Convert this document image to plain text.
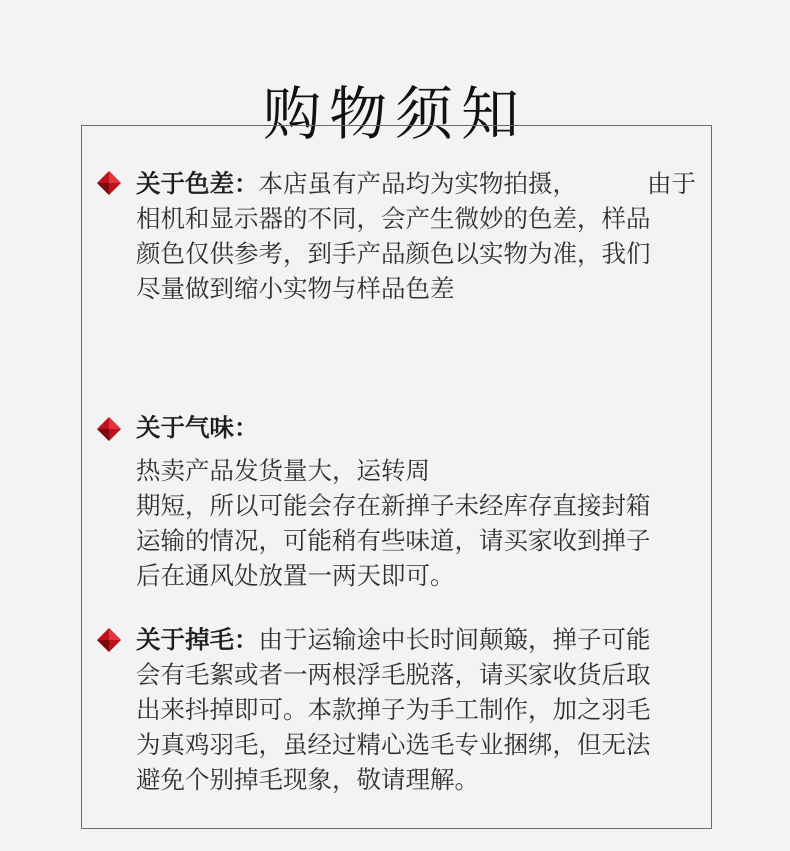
购物须知
关于色差：本店虽有产品均为实物拍摄，	由于
相机和显示器的不同，会产生微妙的色差，样品
颜色仅供参考，到手产品颜色以实物为准，我们
尽量做到缩小实物与样品色差
关于气味：
热卖产品发货量大，运转周
期短，所以可能会存在新掸子未经库存直接封箱
运输的情况，可能稍有些味道，请买家收到掸子
后在通风处放置一两天即可。
关于掉毛：由于运输途中长时间颠簸，掸子可能
会有毛絮或者一两根浮毛脱落，请买家收货后取
出来抖掉即可。本款掸子为手工制作，加之羽毛
为真鸡羽毛，虽经过精心选毛专业捆绑，但无法
避免个别掉毛现象，敬请理解。
